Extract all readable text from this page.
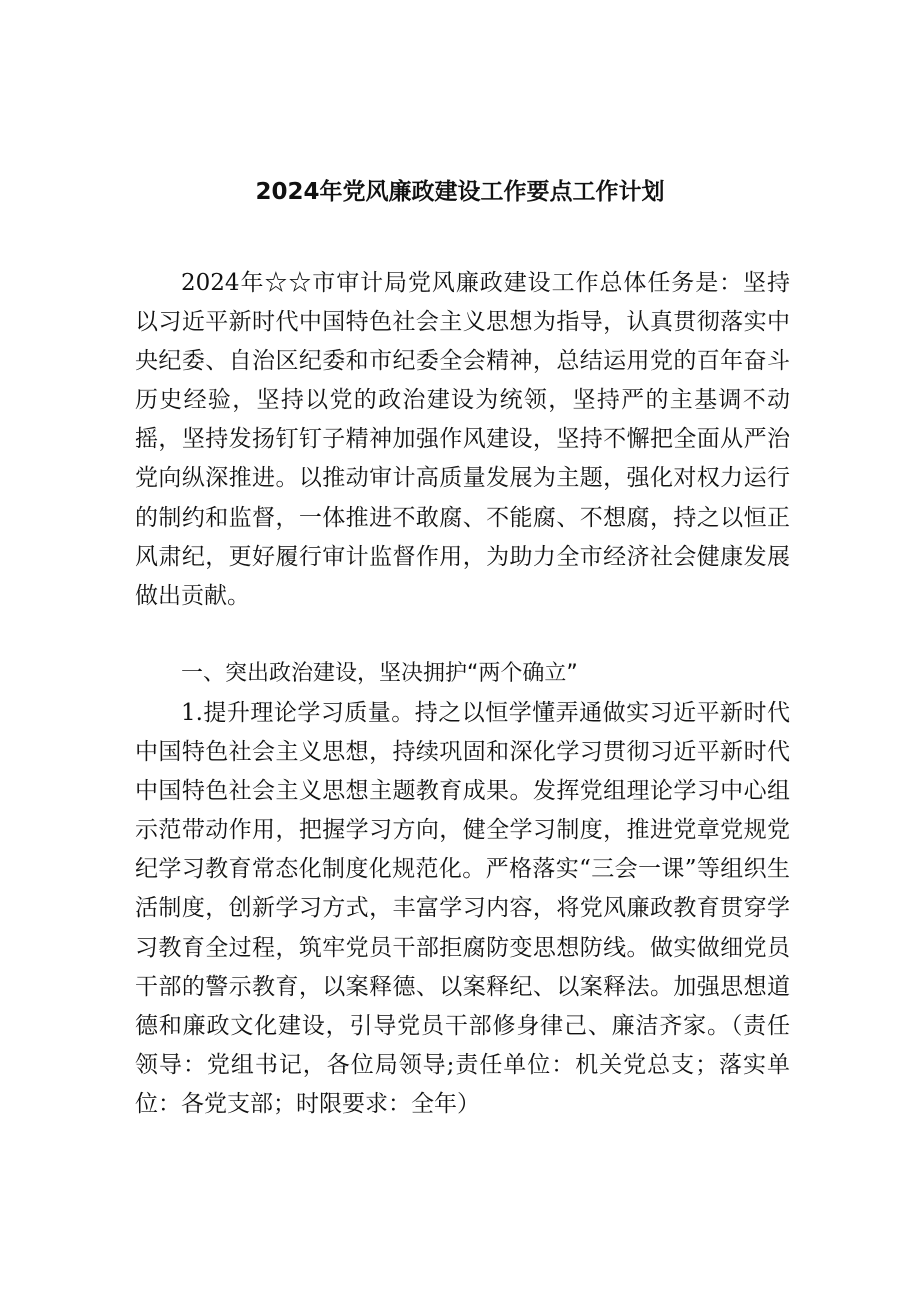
2024年党风廉政建设工作要点工作计划

2024年☆☆市审计局党风廉政建设工作总体任务是：坚持以习近平新时代中国特色社会主义思想为指导，认真贯彻落实中央纪委、自治区纪委和市纪委全会精神，总结运用党的百年奋斗历史经验，坚持以党的政治建设为统领，坚持严的主基调不动摇，坚持发扬钉钉子精神加强作风建设，坚持不懈把全面从严治党向纵深推进。以推动审计高质量发展为主题，强化对权力运行的制约和监督，一体推进不敢腐、不能腐、不想腐，持之以恒正风肃纪，更好履行审计监督作用，为助力全市经济社会健康发展做出贡献。

一、突出政治建设，坚决拥护“两个确立”

1.提升理论学习质量。持之以恒学懂弄通做实习近平新时代中国特色社会主义思想，持续巩固和深化学习贯彻习近平新时代中国特色社会主义思想主题教育成果。发挥党组理论学习中心组示范带动作用，把握学习方向，健全学习制度，推进党章党规党纪学习教育常态化制度化规范化。严格落实“三会一课”等组织生活制度，创新学习方式，丰富学习内容，将党风廉政教育贯穿学习教育全过程，筑牢党员干部拒腐防变思想防线。做实做细党员干部的警示教育，以案释德、以案释纪、以案释法。加强思想道德和廉政文化建设，引导党员干部修身律己、廉洁齐家。（责任领导：党组书记，各位局领导;责任单位：机关党总支；落实单位：各党支部；时限要求：全年）
